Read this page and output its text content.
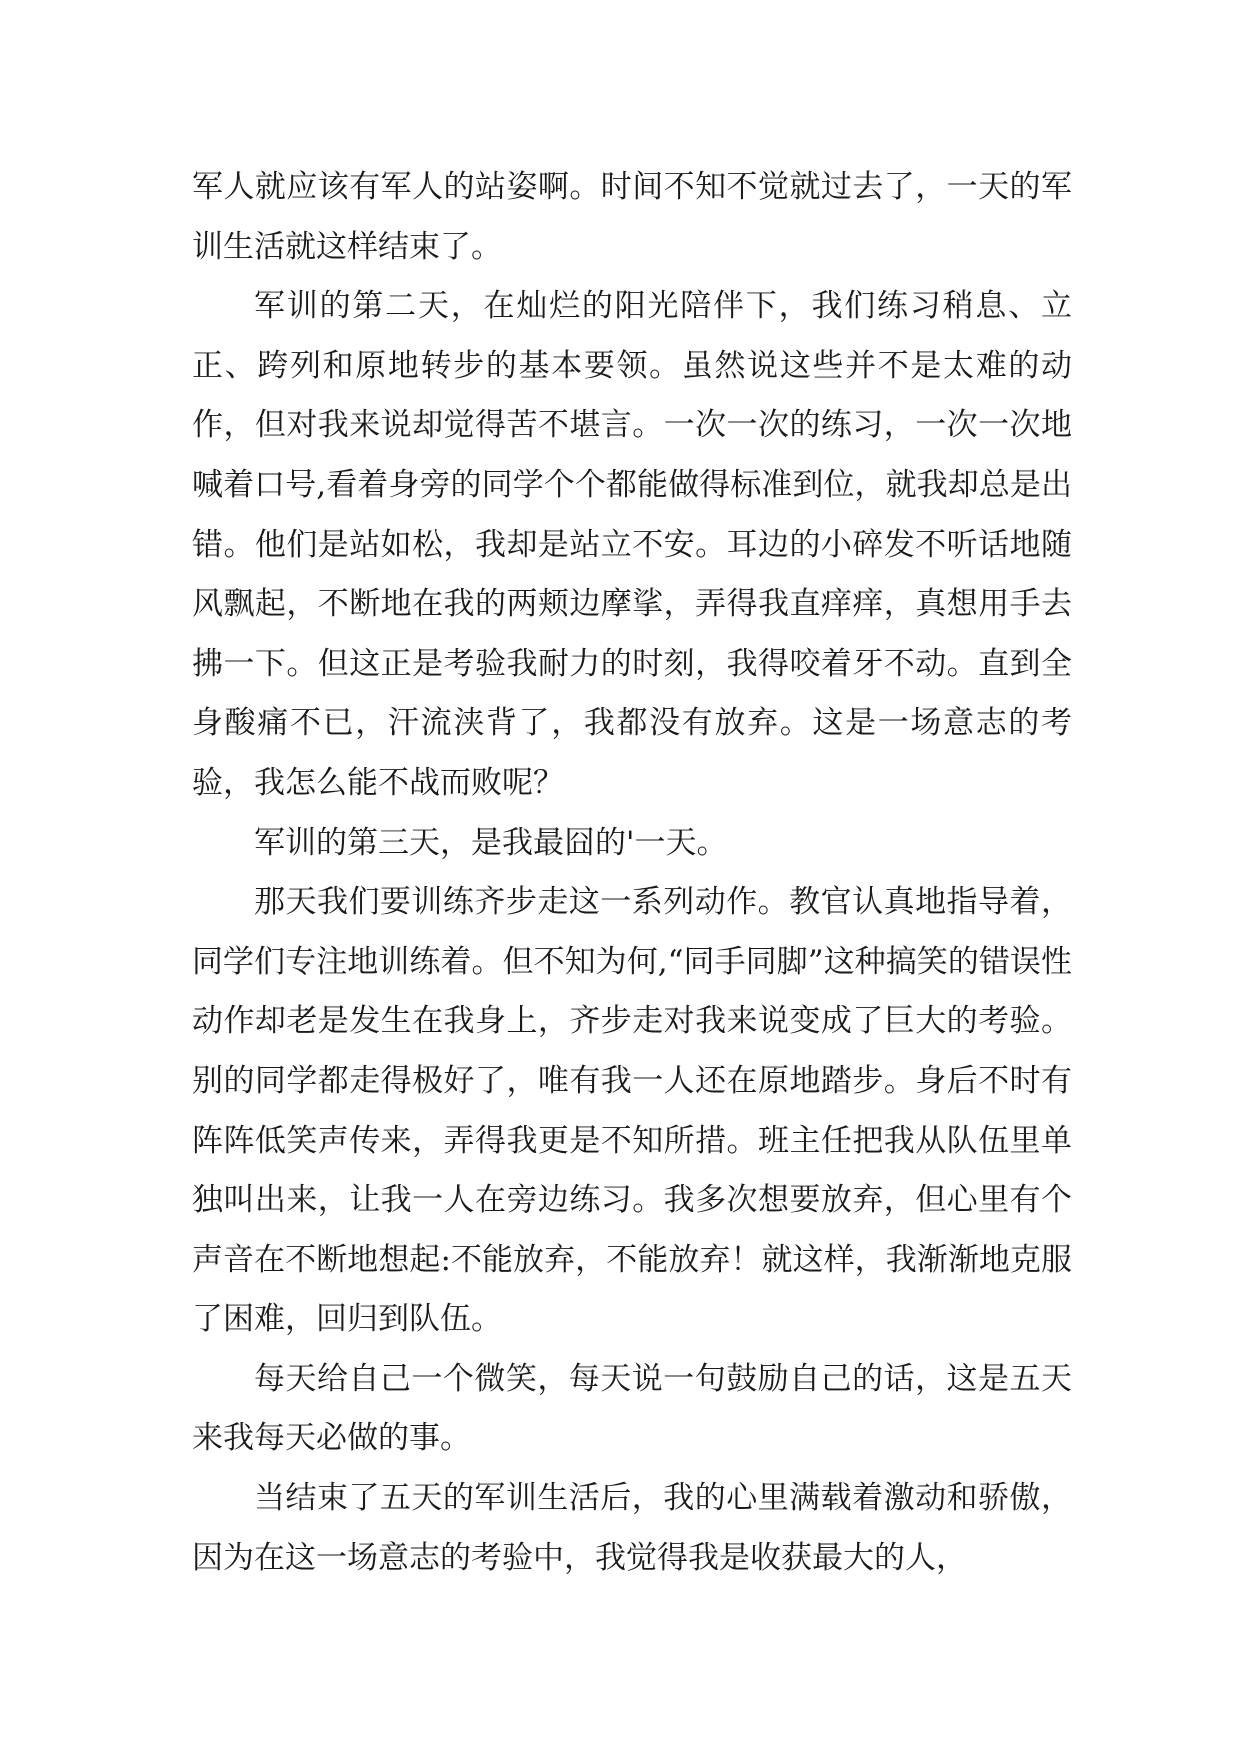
军人就应该有军人的站姿啊。时间不知不觉就过去了，一天的军训生活就这样结束了。

军训的第二天，在灿烂的阳光陪伴下，我们练习稍息、立正、跨列和原地转步的基本要领。虽然说这些并不是太难的动作，但对我来说却觉得苦不堪言。一次一次的练习，一次一次地喊着口号,看着身旁的同学个个都能做得标准到位，就我却总是出错。他们是站如松，我却是站立不安。耳边的小碎发不听话地随风飘起，不断地在我的两颊边摩挲，弄得我直痒痒，真想用手去拂一下。但这正是考验我耐力的时刻，我得咬着牙不动。直到全身酸痛不已，汗流浃背了，我都没有放弃。这是一场意志的考验，我怎么能不战而败呢？

军训的第三天，是我最囧的'一天。

那天我们要训练齐步走这一系列动作。教官认真地指导着，同学们专注地训练着。但不知为何,“同手同脚”这种搞笑的错误性动作却老是发生在我身上，齐步走对我来说变成了巨大的考验。别的同学都走得极好了，唯有我一人还在原地踏步。身后不时有阵阵低笑声传来，弄得我更是不知所措。班主任把我从队伍里单独叫出来，让我一人在旁边练习。我多次想要放弃，但心里有个声音在不断地想起:不能放弃，不能放弃！就这样，我渐渐地克服了困难，回归到队伍。

每天给自己一个微笑，每天说一句鼓励自己的话，这是五天来我每天必做的事。

当结束了五天的军训生活后，我的心里满载着激动和骄傲，因为在这一场意志的考验中，我觉得我是收获最大的人，
